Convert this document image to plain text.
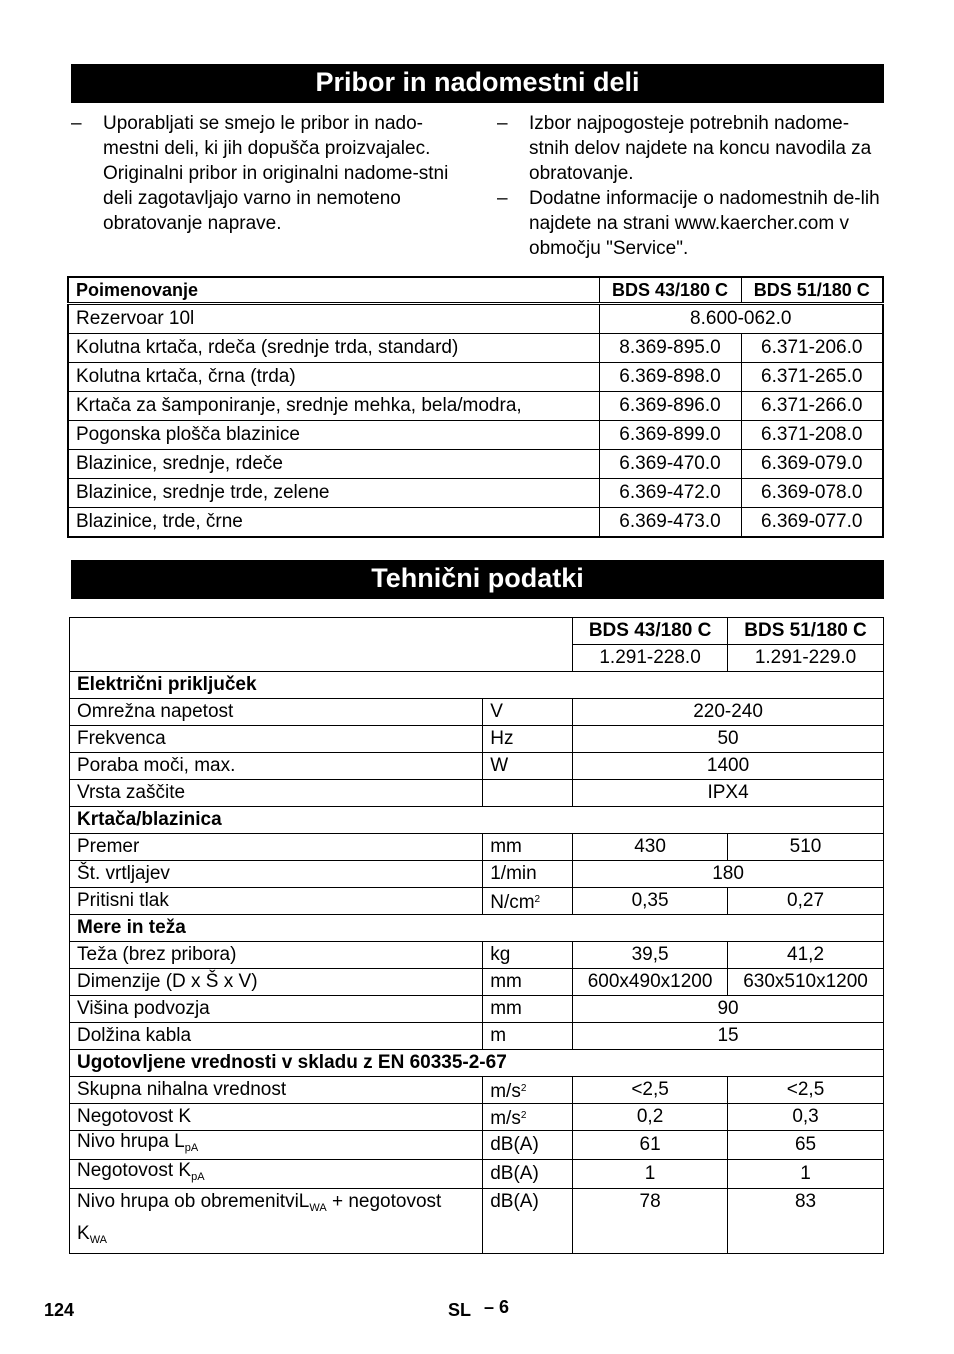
Pribor in nadomestni deli

– Uporabljati se smejo le pribor in nado-mestni deli, ki jih dopušča proizvajalec. Originalni pribor in originalni nadome-stni deli zagotavljajo varno in nemoteno obratovanje naprave.

– Izbor najpogosteje potrebnih nadome-stnih delov najdete na koncu navodila za obratovanje.

– Dodatne informacije o nadomestnih de-lih najdete na strani www.kaercher.com v območju "Service".

Poimenovanje	BDS 43/180 C	BDS 51/180 C
Rezervoar 10l	8.600-062.0	
Kolutna krtača, rdeča (srednje trda, standard)	8.369-895.0	6.371-206.0
Kolutna krtača, črna (trda)	6.369-898.0	6.371-265.0
Krtača za šamponiranje, srednje mehka, bela/modra,	6.369-896.0	6.371-266.0
Pogonska plošča blazinice	6.369-899.0	6.371-208.0
Blazinice, srednje, rdeče	6.369-470.0	6.369-079.0
Blazinice, srednje trde, zelene	6.369-472.0	6.369-078.0
Blazinice, trde, črne	6.369-473.0	6.369-077.0
Tehnični podatki
		BDS 43/180 C	BDS 51/180 C
		1.291-228.0	1.291-229.0
Električni priključek			
Omrežna napetost	V	220-240	
Frekvenca	Hz	50	
Poraba moči, max.	W	1400	
Vrsta zaščite		IPX4	
Krtača/blazinica			
Premer	mm	430	510
Št. vrtljajev	1/min	180	
Pritisni tlak	$N/cm^2$	0,35	0,27
Mere in teža			
Teža (brez pribora)	kg	39,5	41,2
Dimenzije (D x Š x V)	mm	600x490x1200	630x510x1200
Višina podvozja	mm	90	
Dolžina kabla	m	15	
Ugotovljene vrednosti v skladu z EN 60335-2-67			
Skupna nihalna vrednost	$m/s^2$	<2,5	<2,5
Negotovost K	$m/s^2$	0,2	0,3
Nivo hrupa $L_{pA}$	dB(A)	61	65
Negotovost $K_{pA}$	dB(A)	1	1
Nivo hrupa ob obremenitviL$_{WA}$ + negotovost $K_{WA}$	dB(A)	78	83
124	SL – 6
